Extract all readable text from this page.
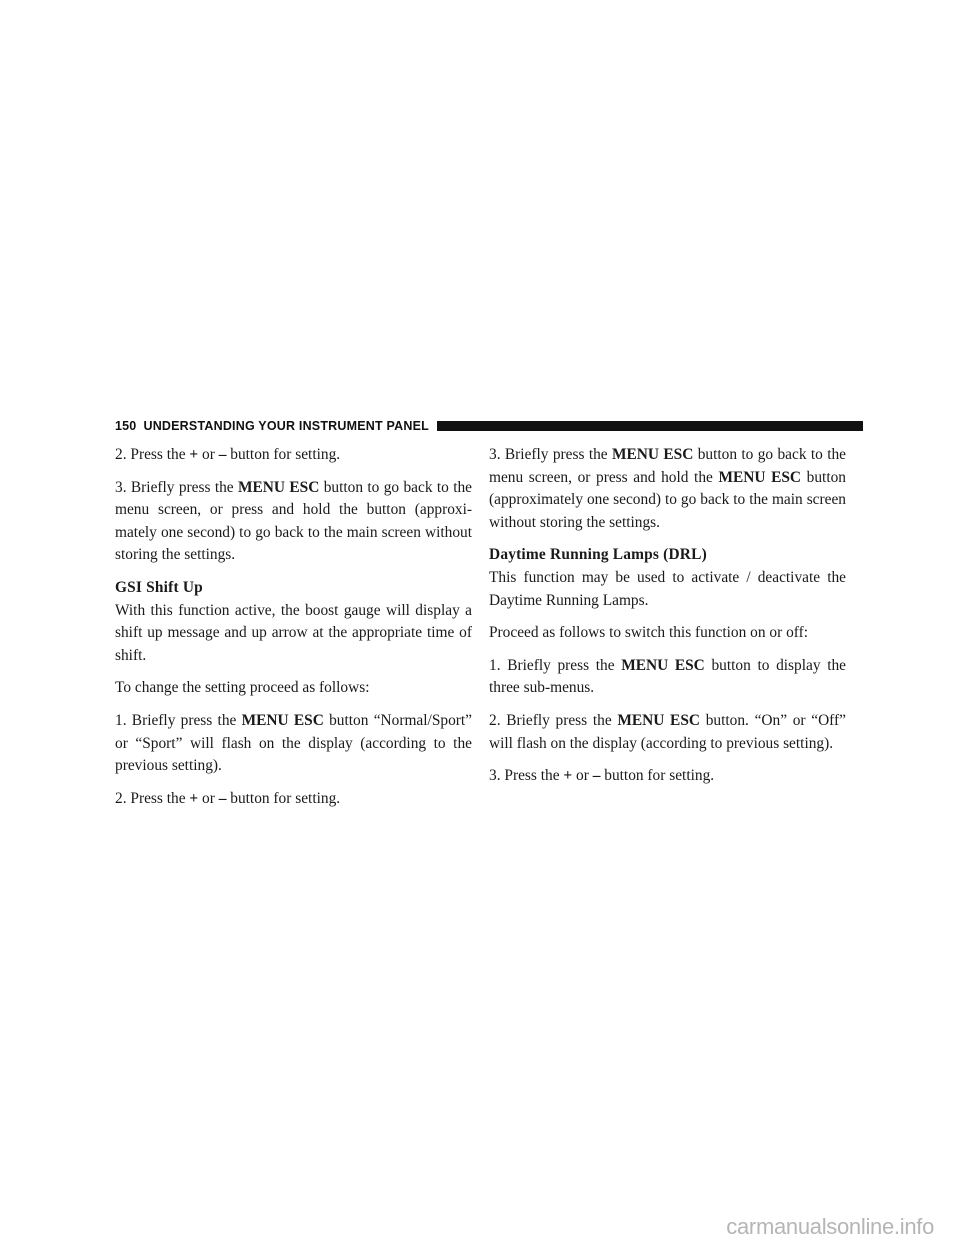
150 UNDERSTANDING YOUR INSTRUMENT PANEL

2. Press the + or – button for setting.

3. Briefly press the MENU ESC button to go back to the menu screen, or press and hold the button (approxi-mately one second) to go back to the main screen without storing the settings.

GSI Shift Up

With this function active, the boost gauge will display a shift up message and up arrow at the appropriate time of shift.

To change the setting proceed as follows:

1. Briefly press the MENU ESC button “Normal/Sport” or “Sport” will flash on the display (according to the previous setting).

2. Press the + or – button for setting.

3. Briefly press the MENU ESC button to go back to the menu screen, or press and hold the MENU ESC button (approximately one second) to go back to the main screen without storing the settings.

Daytime Running Lamps (DRL)

This function may be used to activate / deactivate the Daytime Running Lamps.

Proceed as follows to switch this function on or off:

1. Briefly press the MENU ESC button to display the three sub-menus.

2. Briefly press the MENU ESC button. “On” or “Off” will flash on the display (according to previous setting).

3. Press the + or – button for setting.

carmanualsonline.info
